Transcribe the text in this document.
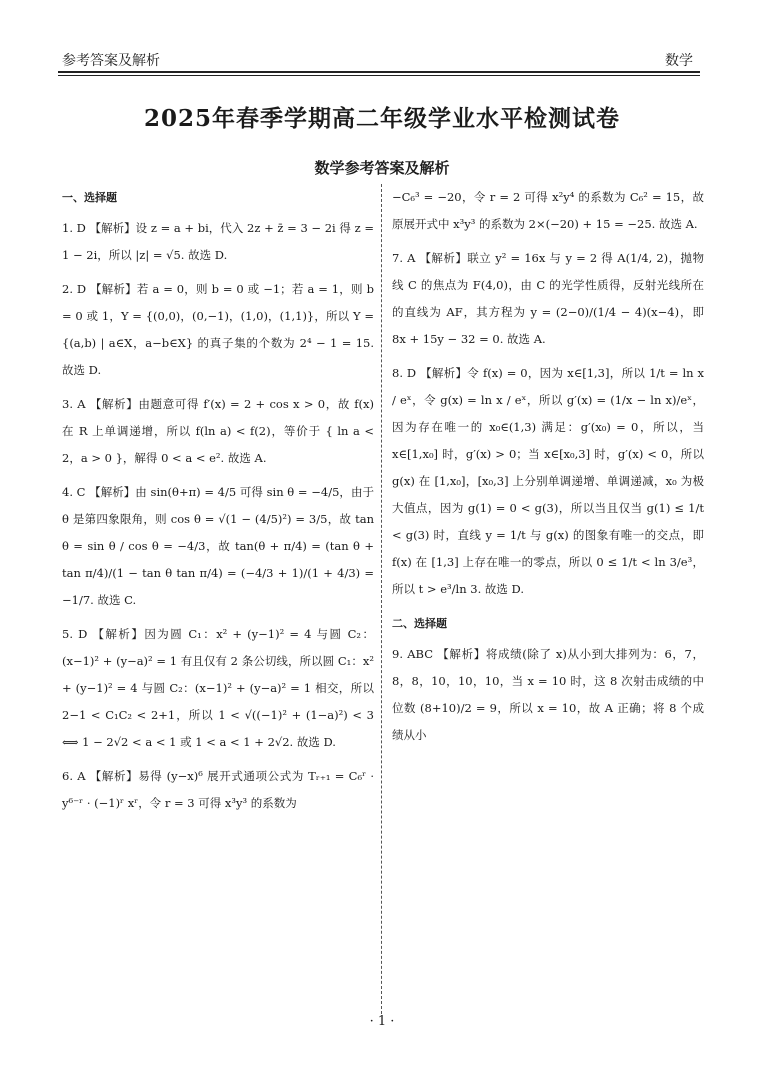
参考答案及解析	数学
2025年春季学期高二年级学业水平检测试卷
数学参考答案及解析
一、选择题
1. D 【解析】设 z = a + bi，代入 2z + z̄ = 3 − 2i 得 z = 1 − 2i，所以 |z| = √5. 故选 D.
2. D 【解析】若 a = 0，则 b = 0 或 −1；若 a = 1，则 b = 0 或 1，Y = {(0,0)，(0,−1)，(1,0)，(1,1)}，所以 Y = {(a,b) | a∈X，a−b∈X} 的真子集的个数为 2⁴ − 1 = 15. 故选 D.
3. A 【解析】由题意可得 f′(x) = 2 + cos x > 0，故 f(x) 在 R 上单调递增，所以 f(ln a) < f(2)，等价于 { ln a < 2，a > 0 }，解得 0 < a < e². 故选 A.
4. C 【解析】由 sin(θ+π) = 4/5 可得 sin θ = −4/5，由于 θ 是第四象限角，则 cos θ = √(1 − (4/5)²) = 3/5，故 tan θ = sin θ / cos θ = −4/3，故 tan(θ + π/4) = (tan θ + tan π/4)/(1 − tan θ tan π/4) = (−4/3 + 1)/(1 + 4/3) = −1/7. 故选 C.
5. D 【解析】因为圆 C₁：x² + (y−1)² = 4 与圆 C₂：(x−1)² + (y−a)² = 1 有且仅有 2 条公切线，所以圆 C₁：x² + (y−1)² = 4 与圆 C₂：(x−1)² + (y−a)² = 1 相交，所以 2−1 < C₁C₂ < 2+1，所以 1 < √((−1)² + (1−a)²) < 3 ⟺ 1 − 2√2 < a < 1 或 1 < a < 1 + 2√2. 故选 D.
6. A 【解析】易得 (y−x)⁶ 展开式通项公式为 Tᵣ₊₁ = C₆ʳ · y⁶⁻ʳ · (−1)ʳ xʳ，令 r = 3 可得 x³y³ 的系数为
−C₆³ = −20，令 r = 2 可得 x²y⁴ 的系数为 C₆² = 15，故原展开式中 x³y³ 的系数为 2×(−20) + 15 = −25. 故选 A.
7. A 【解析】联立 y² = 16x 与 y = 2 得 A(1/4, 2)，抛物线 C 的焦点为 F(4,0)，由 C 的光学性质得，反射光线所在的直线为 AF，其方程为 y = (2−0)/(1/4 − 4)(x−4)，即 8x + 15y − 32 = 0. 故选 A.
8. D 【解析】令 f(x) = 0，因为 x∈[1,3]，所以 1/t = ln x / eˣ，令 g(x) = ln x / eˣ，所以 g′(x) = (1/x − ln x)/eˣ，因为存在唯一的 x₀∈(1,3) 满足：g′(x₀) = 0，所以，当 x∈[1,x₀] 时，g′(x) > 0；当 x∈[x₀,3] 时，g′(x) < 0，所以 g(x) 在 [1,x₀]，[x₀,3] 上分别单调递增、单调递减，x₀ 为极大值点，因为 g(1) = 0 < g(3)，所以当且仅当 g(1) ≤ 1/t < g(3) 时，直线 y = 1/t 与 g(x) 的图象有唯一的交点，即 f(x) 在 [1,3] 上存在唯一的零点，所以 0 ≤ 1/t < ln 3/e³，所以 t > e³/ln 3. 故选 D.
二、选择题
9. ABC 【解析】将成绩(除了 x)从小到大排列为：6，7，8，8，10，10，10，当 x = 10 时，这 8 次射击成绩的中位数 (8+10)/2 = 9，所以 x = 10，故 A 正确；将 8 个成绩从小
· 1 ·
